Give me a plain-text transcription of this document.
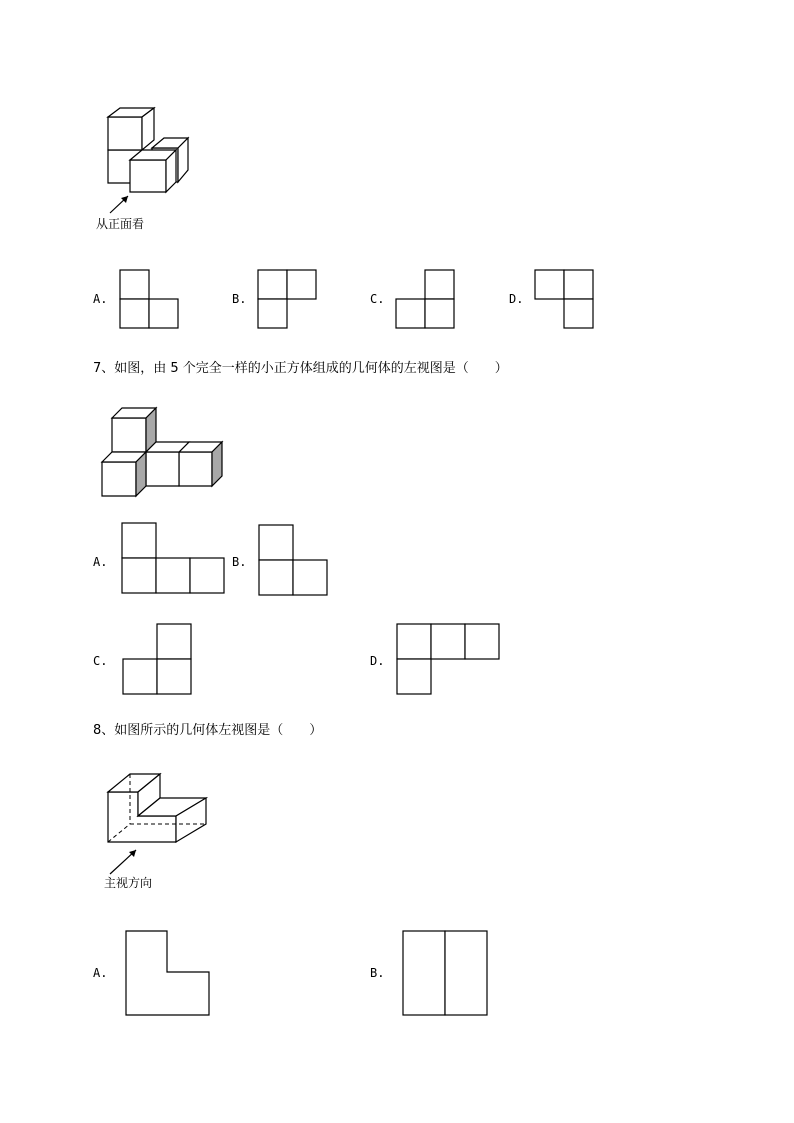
从正面看
A.	B.	C.	D.
7、如图，由 5 个完全一样的小正方体组成的几何体的左视图是（　　）
A.	B.
C.	D.
8、如图所示的几何体左视图是（　　）
主视方向
A.	B.
